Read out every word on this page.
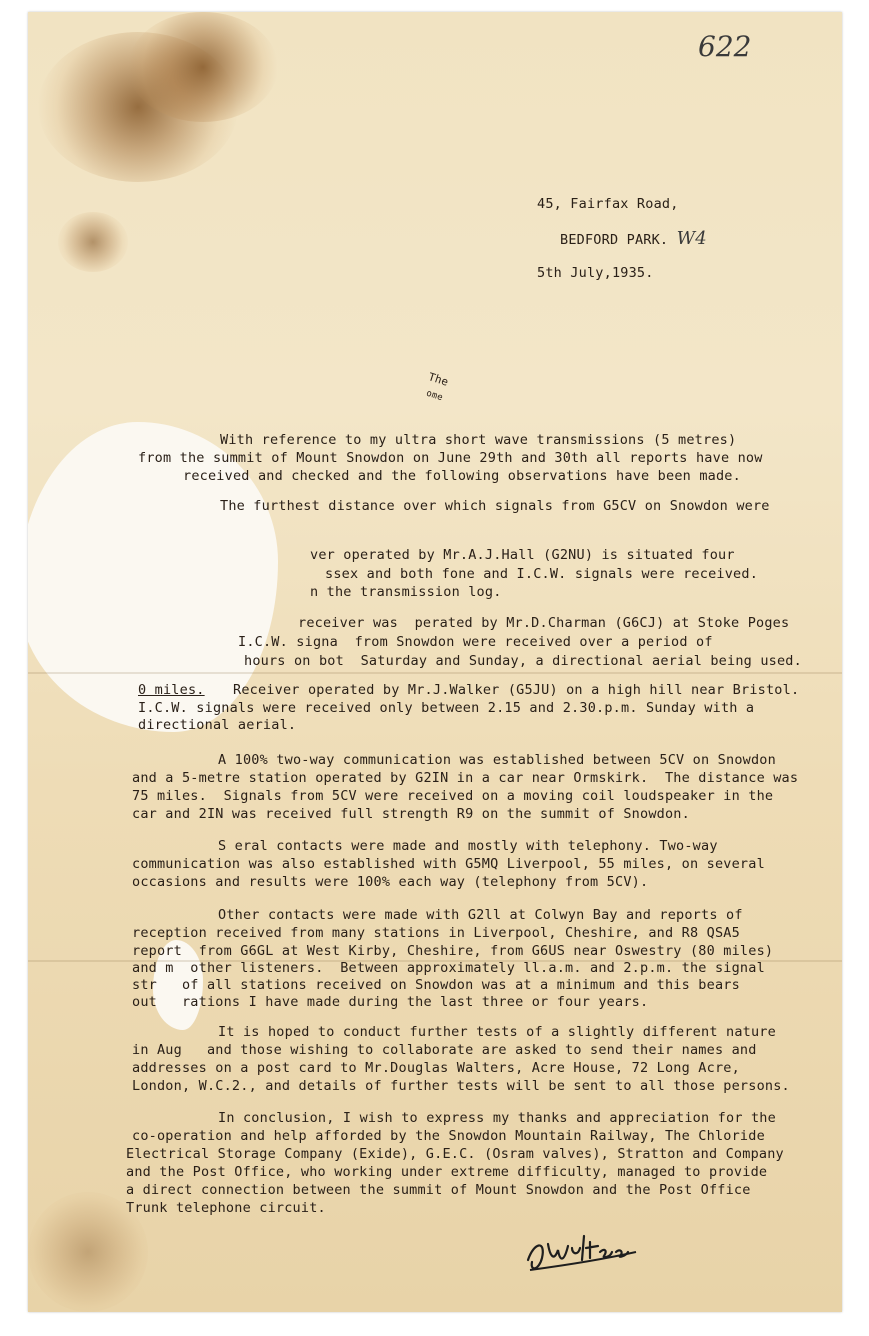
622
45, Fairfax Road,
BEDFORD PARK. W4
5th July,1935.
The
ome
With reference to my ultra short wave transmissions (5 metres)
from the summit of Mount Snowdon on June 29th and 30th all reports have now
received and checked and the following observations have been made.
The furthest distance over which signals from G5CV on Snowdon were
ver operated by Mr.A.J.Hall (G2NU) is situated four
ssex and both fone and I.C.W. signals were received.
n the transmission log.
receiver was  perated by Mr.D.Charman (G6CJ) at Stoke Poges
I.C.W. signa  from Snowdon were received over a period of
hours on bot  Saturday and Sunday, a directional aerial being used.
0 miles. Receiver operated by Mr.J.Walker (G5JU) on a high hill near Bristol.
I.C.W. signals were received only between 2.15 and 2.30.p.m. Sunday with a
directional aerial.
A 100% two-way communication was established between 5CV on Snowdon
and a 5-metre station operated by G2IN in a car near Ormskirk.  The distance was
75 miles.  Signals from 5CV were received on a moving coil loudspeaker in the
car and 2IN was received full strength R9 on the summit of Snowdon.
S eral contacts were made and mostly with telephony. Two-way
communication was also established with G5MQ Liverpool, 55 miles, on several
occasions and results were 100% each way (telephony from 5CV).
Other contacts were made with G2ll at Colwyn Bay and reports of
reception received from many stations in Liverpool, Cheshire, and R8 QSA5
report  from G6GL at West Kirby, Cheshire, from G6US near Oswestry (80 miles)
and m  other listeners.  Between approximately ll.a.m. and 2.p.m. the signal
str   of all stations received on Snowdon was at a minimum and this bears
out   rations I have made during the last three or four years.
It is hoped to conduct further tests of a slightly different nature
in Aug   and those wishing to collaborate are asked to send their names and
addresses on a post card to Mr.Douglas Walters, Acre House, 72 Long Acre,
London, W.C.2., and details of further tests will be sent to all those persons.
In conclusion, I wish to express my thanks and appreciation for the
co-operation and help afforded by the Snowdon Mountain Railway, The Chloride
Electrical Storage Company (Exide), G.E.C. (Osram valves), Stratton and Company
and the Post Office, who working under extreme difficulty, managed to provide
a direct connection between the summit of Mount Snowdon and the Post Office
Trunk telephone circuit.
